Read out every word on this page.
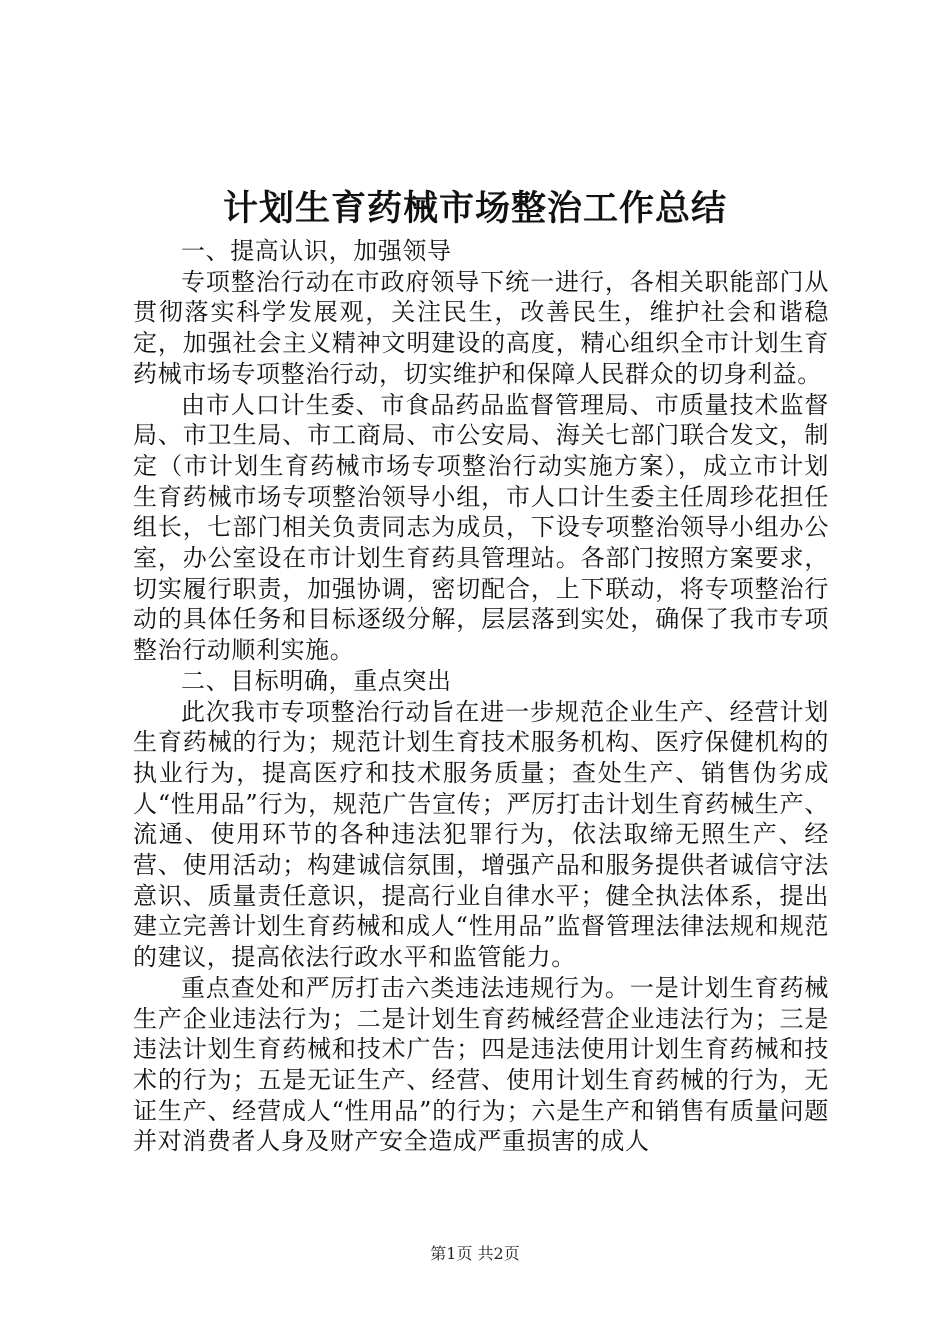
计划生育药械市场整治工作总结

一、提高认识，加强领导

专项整治行动在市政府领导下统一进行，各相关职能部门从贯彻落实科学发展观，关注民生，改善民生，维护社会和谐稳定，加强社会主义精神文明建设的高度，精心组织全市计划生育药械市场专项整治行动，切实维护和保障人民群众的切身利益。

由市人口计生委、市食品药品监督管理局、市质量技术监督局、市卫生局、市工商局、市公安局、海关七部门联合发文，制定（市计划生育药械市场专项整治行动实施方案），成立市计划生育药械市场专项整治领导小组，市人口计生委主任周珍花担任组长，七部门相关负责同志为成员，下设专项整治领导小组办公室，办公室设在市计划生育药具管理站。各部门按照方案要求，切实履行职责，加强协调，密切配合，上下联动，将专项整治行动的具体任务和目标逐级分解，层层落到实处，确保了我市专项整治行动顺利实施。

二、目标明确，重点突出

此次我市专项整治行动旨在进一步规范企业生产、经营计划生育药械的行为；规范计划生育技术服务机构、医疗保健机构的执业行为，提高医疗和技术服务质量；查处生产、销售伪劣成人“性用品”行为，规范广告宣传；严厉打击计划生育药械生产、流通、使用环节的各种违法犯罪行为，依法取缔无照生产、经营、使用活动；构建诚信氛围，增强产品和服务提供者诚信守法意识、质量责任意识，提高行业自律水平；健全执法体系，提出建立完善计划生育药械和成人“性用品”监督管理法律法规和规范的建议，提高依法行政水平和监管能力。

重点查处和严厉打击六类违法违规行为。一是计划生育药械生产企业违法行为；二是计划生育药械经营企业违法行为；三是违法计划生育药械和技术广告；四是违法使用计划生育药械和技术的行为；五是无证生产、经营、使用计划生育药械的行为，无证生产、经营成人“性用品”的行为；六是生产和销售有质量问题并对消费者人身及财产安全造成严重损害的成人

第1页 共2页
